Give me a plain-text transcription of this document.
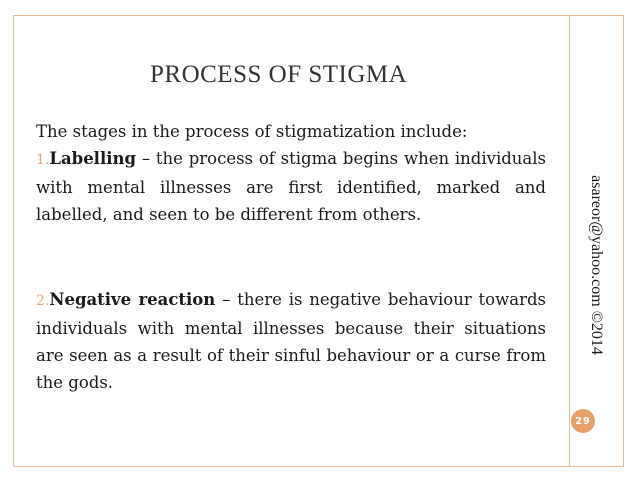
PROCESS OF STIGMA
The stages in the process of stigmatization include:
1.Labelling – the process of stigma begins when individuals with mental illnesses are first identified, marked and labelled, and seen to be different from others.
2.Negative reaction – there is negative behaviour towards individuals with mental illnesses because their situations are seen as a result of their sinful behaviour or a curse from the gods.
asareor@yahoo.com ©2014
29
